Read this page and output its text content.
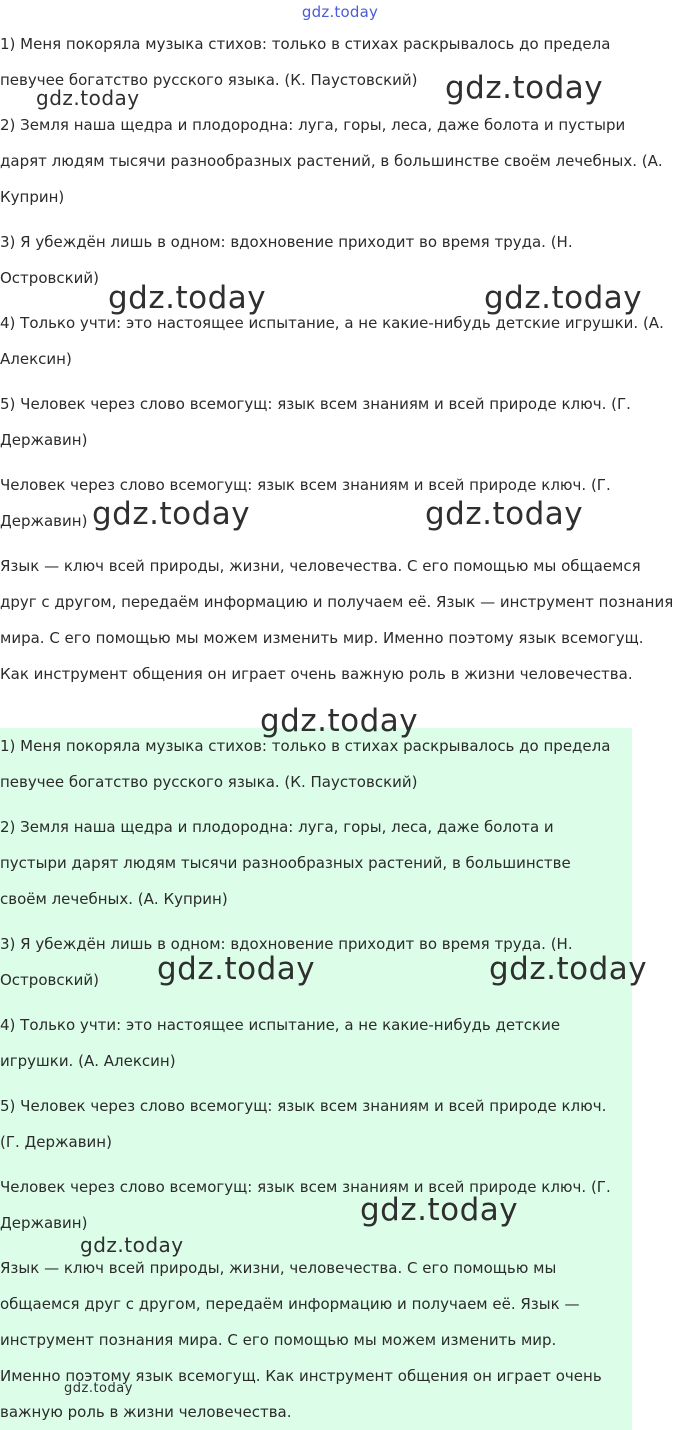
gdz.today

1) Меня покоряла музыка стихов: только в стихах раскрывалось до предела певучее богатство русского языка. (К. Паустовский)

2) Земля наша щедра и плодородна: луга, горы, леса, даже болота и пустыри дарят людям тысячи разнообразных растений, в большинстве своём лечебных. (А. Куприн)

3) Я убеждён лишь в одном: вдохновение приходит во время труда. (Н. Островский)

4) Только учти: это настоящее испытание, а не какие-нибудь детские игрушки. (А. Алексин)

5) Человек через слово всемогущ: язык всем знаниям и всей природе ключ. (Г. Державин)

Человек через слово всемогущ: язык всем знаниям и всей природе ключ. (Г. Державин)

Язык — ключ всей природы, жизни, человечества. С его помощью мы общаемся друг с другом, передаём информацию и получаем её. Язык — инструмент познания мира. С его помощью мы можем изменить мир. Именно поэтому язык всемогущ. Как инструмент общения он играет очень важную роль в жизни человечества.

1) Меня покоряла музыка стихов: только в стихах раскрывалось до предела певучее богатство русского языка. (К. Паустовский)

2) Земля наша щедра и плодородна: луга, горы, леса, даже болота и пустыри дарят людям тысячи разнообразных растений, в большинстве своём лечебных. (А. Куприн)

3) Я убеждён лишь в одном: вдохновение приходит во время труда. (Н. Островский)

4) Только учти: это настоящее испытание, а не какие-нибудь детские игрушки. (А. Алексин)

5) Человек через слово всемогущ: язык всем знаниям и всей природе ключ. (Г. Державин)

Человек через слово всемогущ: язык всем знаниям и всей природе ключ. (Г. Державин)

Язык — ключ всей природы, жизни, человечества. С его помощью мы общаемся друг с другом, передаём информацию и получаем её. Язык — инструмент познания мира. С его помощью мы можем изменить мир. Именно поэтому язык всемогущ. Как инструмент общения он играет очень важную роль в жизни человечества.

gdz.today
gdz.today
gdz.today	gdz.today
gdz.today	gdz.today
gdz.today
gdz.today	gdz.today
gdz.today
gdz.today
gdz.today
